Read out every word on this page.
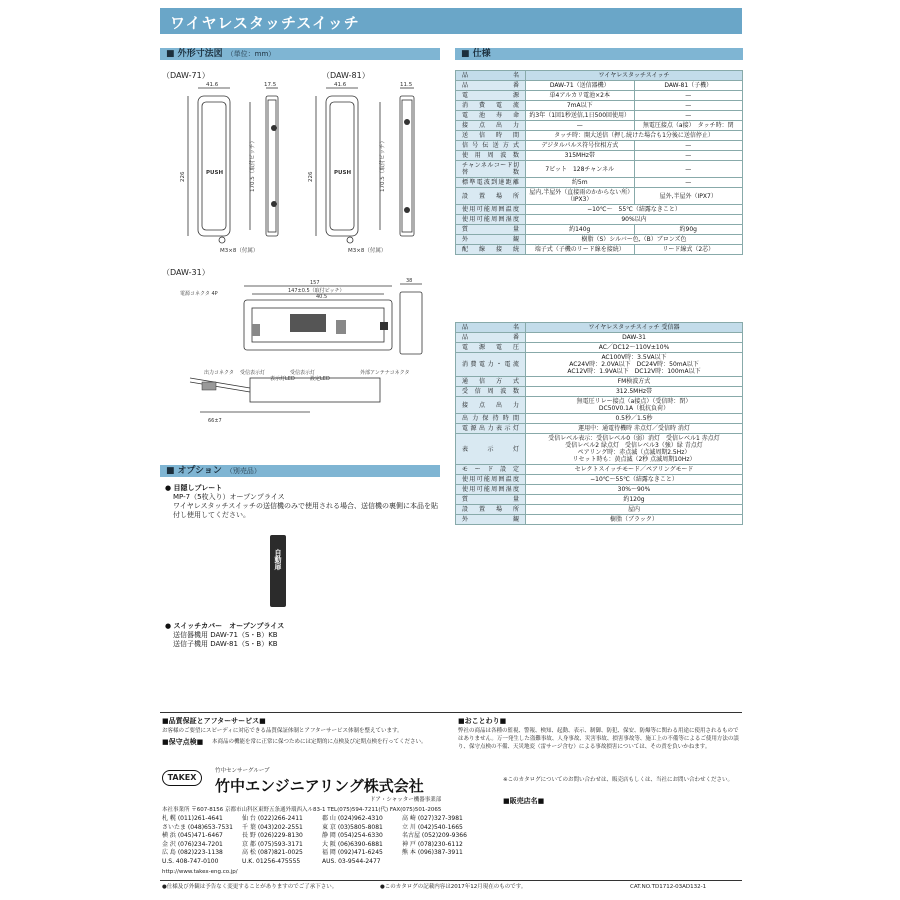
ワイヤレスタッチスイッチ
■ 外形寸法図 （単位：mm）	■ 仕様
■ オプション （別売品）
（DAW-71）	（DAW-81）
（DAW-31）
41.6	17.5
226	170.5（取付ピッチ）
M3×8（付属）
PUSH
41.6	11.5
226	170.5（取付ピッチ）
M3×8（付属）
PUSH
157
147±0.5（取付ピッチ）
40.5
38
66±7
電源コネクタ 4P
出力コネクタ 受信表示灯
表示灯LED	設定LED
受信表示灯	外部アンテナコネクタ
品名	ワイヤレスタッチスイッチ	
品番	DAW-71（送信器機）	DAW-81（子機）
電源	単4アルカリ電池×2本	—
消費電流	7mA以下	—
電池寿命	約3年（1回1秒送信,1日500回使用）	—
接点出力	—	無電圧接点（a接）　タッチ時：閉
送信時間	タッチ時：開大送信（押し続けた場合も1分後に送信停止）	
信号伝送方式	デジタルパルス符号位相方式	—
使用周波数	315MHz帯	—
チャンネルコード切替数	7ビット　128チャンネル	—
標準電波到達距離	約5m	—
設置場所	屋内,半屋外（直接雨のかからない所）（IPX3）	屋外,半屋外（IPX7）
使用可能周囲温度	−10℃〜　55℃（結露なきこと）	
使用可能周囲湿度	90%以内	
質量	約140g	約90g
外観	樹脂（S）シルバー色,（B）ブロンズ色	
配線接続	端子式（子機のリード線を接続）	リード線式（2芯）
品名	ワイヤレスタッチスイッチ 受信器
品番	DAW-31
電源電圧	AC／DC12〜110V±10%
消費電力・電流	AC100V時：3.5VA以下
AC24V時：2.0VA以下　DC24V時：50mA以下
AC12V時：1.9VA以下　DC12V時：100mA以下
通信方式	FM検波方式
受信周波数	312.5MHz帯
接点出力	無電圧リレー接点（a接点）（受信時：閉）
DC50V0.1A（抵抗負荷）
出力保持時間	0.5秒／1.5秒
電源出力表示灯	運用中：通電待機時 赤点灯／受信時 消灯
表示灯	受信レベル表示：受信レベル0（弱）消灯　受信レベル1 赤点灯
受信レベル2 緑点灯　受信レベル3（強）緑 青点灯
ペアリング時：赤点滅（点滅周期2.5Hz）
リセット時も：黄点滅（2秒 点滅周期10Hz）
モード設定	セレクトスイッチモード／ペアリングモード
使用可能周囲温度	−10℃〜55℃（結露なきこと）
使用可能周囲湿度	30%〜90%
質量	約120g
設置場所	屋内
外観	樹脂（ブラック）
● 目隠しプレート
MP-7（5枚入り）オープンプライス
ワイヤレスタッチスイッチの送信機のみで使用される場合、送信機の裏側に本品を貼付し使用してください。
自動扉
● スイッチカバー　オープンプライス
送信器機用 DAW-71（S・B）KB
送信子機用 DAW-81（S・B）KB
■品質保証とアフターサービス■
お客様のご要望にスピーディに対応できる品質保証体制とアフターサービス体制を整えています。
■保守点検■ 本商品の機能を常に正常に保つためには定期的に点検及び定期点検を行ってください。
■おことわり■
弊社の商品は各種の監視、警報、検知、起動、表示、制御、防犯、保安、防爆等に関わる用途に使用されるものではありません。万一発生した盗難事故、人身事故、災害事故、損害事故等、施工上の不備等によるご使用方法の誤り、保守点検の不備、天災地変（雷サージ含む）による事故損害については、その責を負いかねます。
TAKEX
竹中センサーグループ
竹中エンジニアリング株式会社
ドア・シャッター機器事業部
本社事業所 〒607-8156 京都市山科区東野五条通外環西入ル83-1 TEL(075)594-7211(代) FAX(075)501-2065
札 幌 (011)261-4641	仙 台 (022)266-2411	郡 山 (024)962-4310	高 崎 (027)327-3981
さいたま (048)653-7531	千 葉 (043)202-2551	東 京 (03)5805-8081	立 川 (042)540-1665
横 浜 (045)471-6467	長 野 (026)229-8130	静 岡 (054)254-6330	名古屋 (052)209-9366
金 沢 (076)234-7201	京 都 (075)593-3171	大 阪 (06)6390-6881	神 戸 (078)230-6112
広 島 (082)223-1138	高 松 (087)821-0025	福 岡 (092)471-6245	熊 本 (096)387-3911
U.S. 408-747-0100	U.K. 01256-475555	AUS. 03-9544-2477
http://www.takex-eng.co.jp/
※このカタログについてのお問い合わせは、販売店もしくは、当社にお問い合わせください。
■販売店名■
●仕様及び外観は予告なく変更することがありますのでご了承下さい。	●このカタログの記載内容は2017年12月現在のものです。	CAT.NO.TD1712-03AD132-1
